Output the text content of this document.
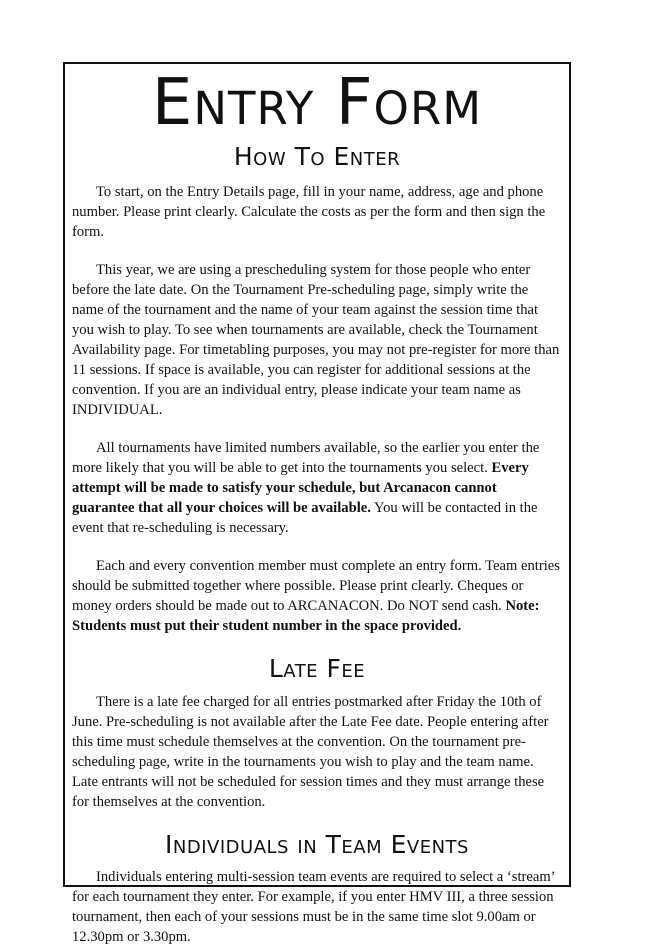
Entry Form
How To Enter

To start, on the Entry Details page, fill in your name, address, age and phone number. Please print clearly. Calculate the costs as per the form and then sign the form.

This year, we are using a prescheduling system for those people who enter before the late date. On the Tournament Pre-scheduling page, simply write the name of the tournament and the name of your team against the session time that you wish to play. To see when tournaments are available, check the Tournament Availability page. For timetabling purposes, you may not pre-register for more than 11 sessions. If space is available, you can register for additional sessions at the convention. If you are an individual entry, please indicate your team name as INDIVIDUAL.

All tournaments have limited numbers available, so the earlier you enter the more likely that you will be able to get into the tournaments you select. Every attempt will be made to satisfy your schedule, but Arcanacon cannot guarantee that all your choices will be available. You will be contacted in the event that re-scheduling is necessary.

Each and every convention member must complete an entry form. Team entries should be submitted together where possible. Please print clearly. Cheques or money orders should be made out to ARCANACON. Do NOT send cash. Note: Students must put their student number in the space provided.

Late Fee

There is a late fee charged for all entries postmarked after Friday the 10th of June. Pre-scheduling is not available after the Late Fee date. People entering after this time must schedule themselves at the convention. On the tournament pre-scheduling page, write in the tournaments you wish to play and the team name. Late entrants will not be scheduled for session times and they must arrange these for themselves at the convention.

Individuals in Team Events

Individuals entering multi-session team events are required to select a ‘stream’ for each tournament they enter. For example, if you enter HMV III, a three session tournament, then each of your sessions must be in the same time slot 9.00am or 12.30pm or 3.30pm.
